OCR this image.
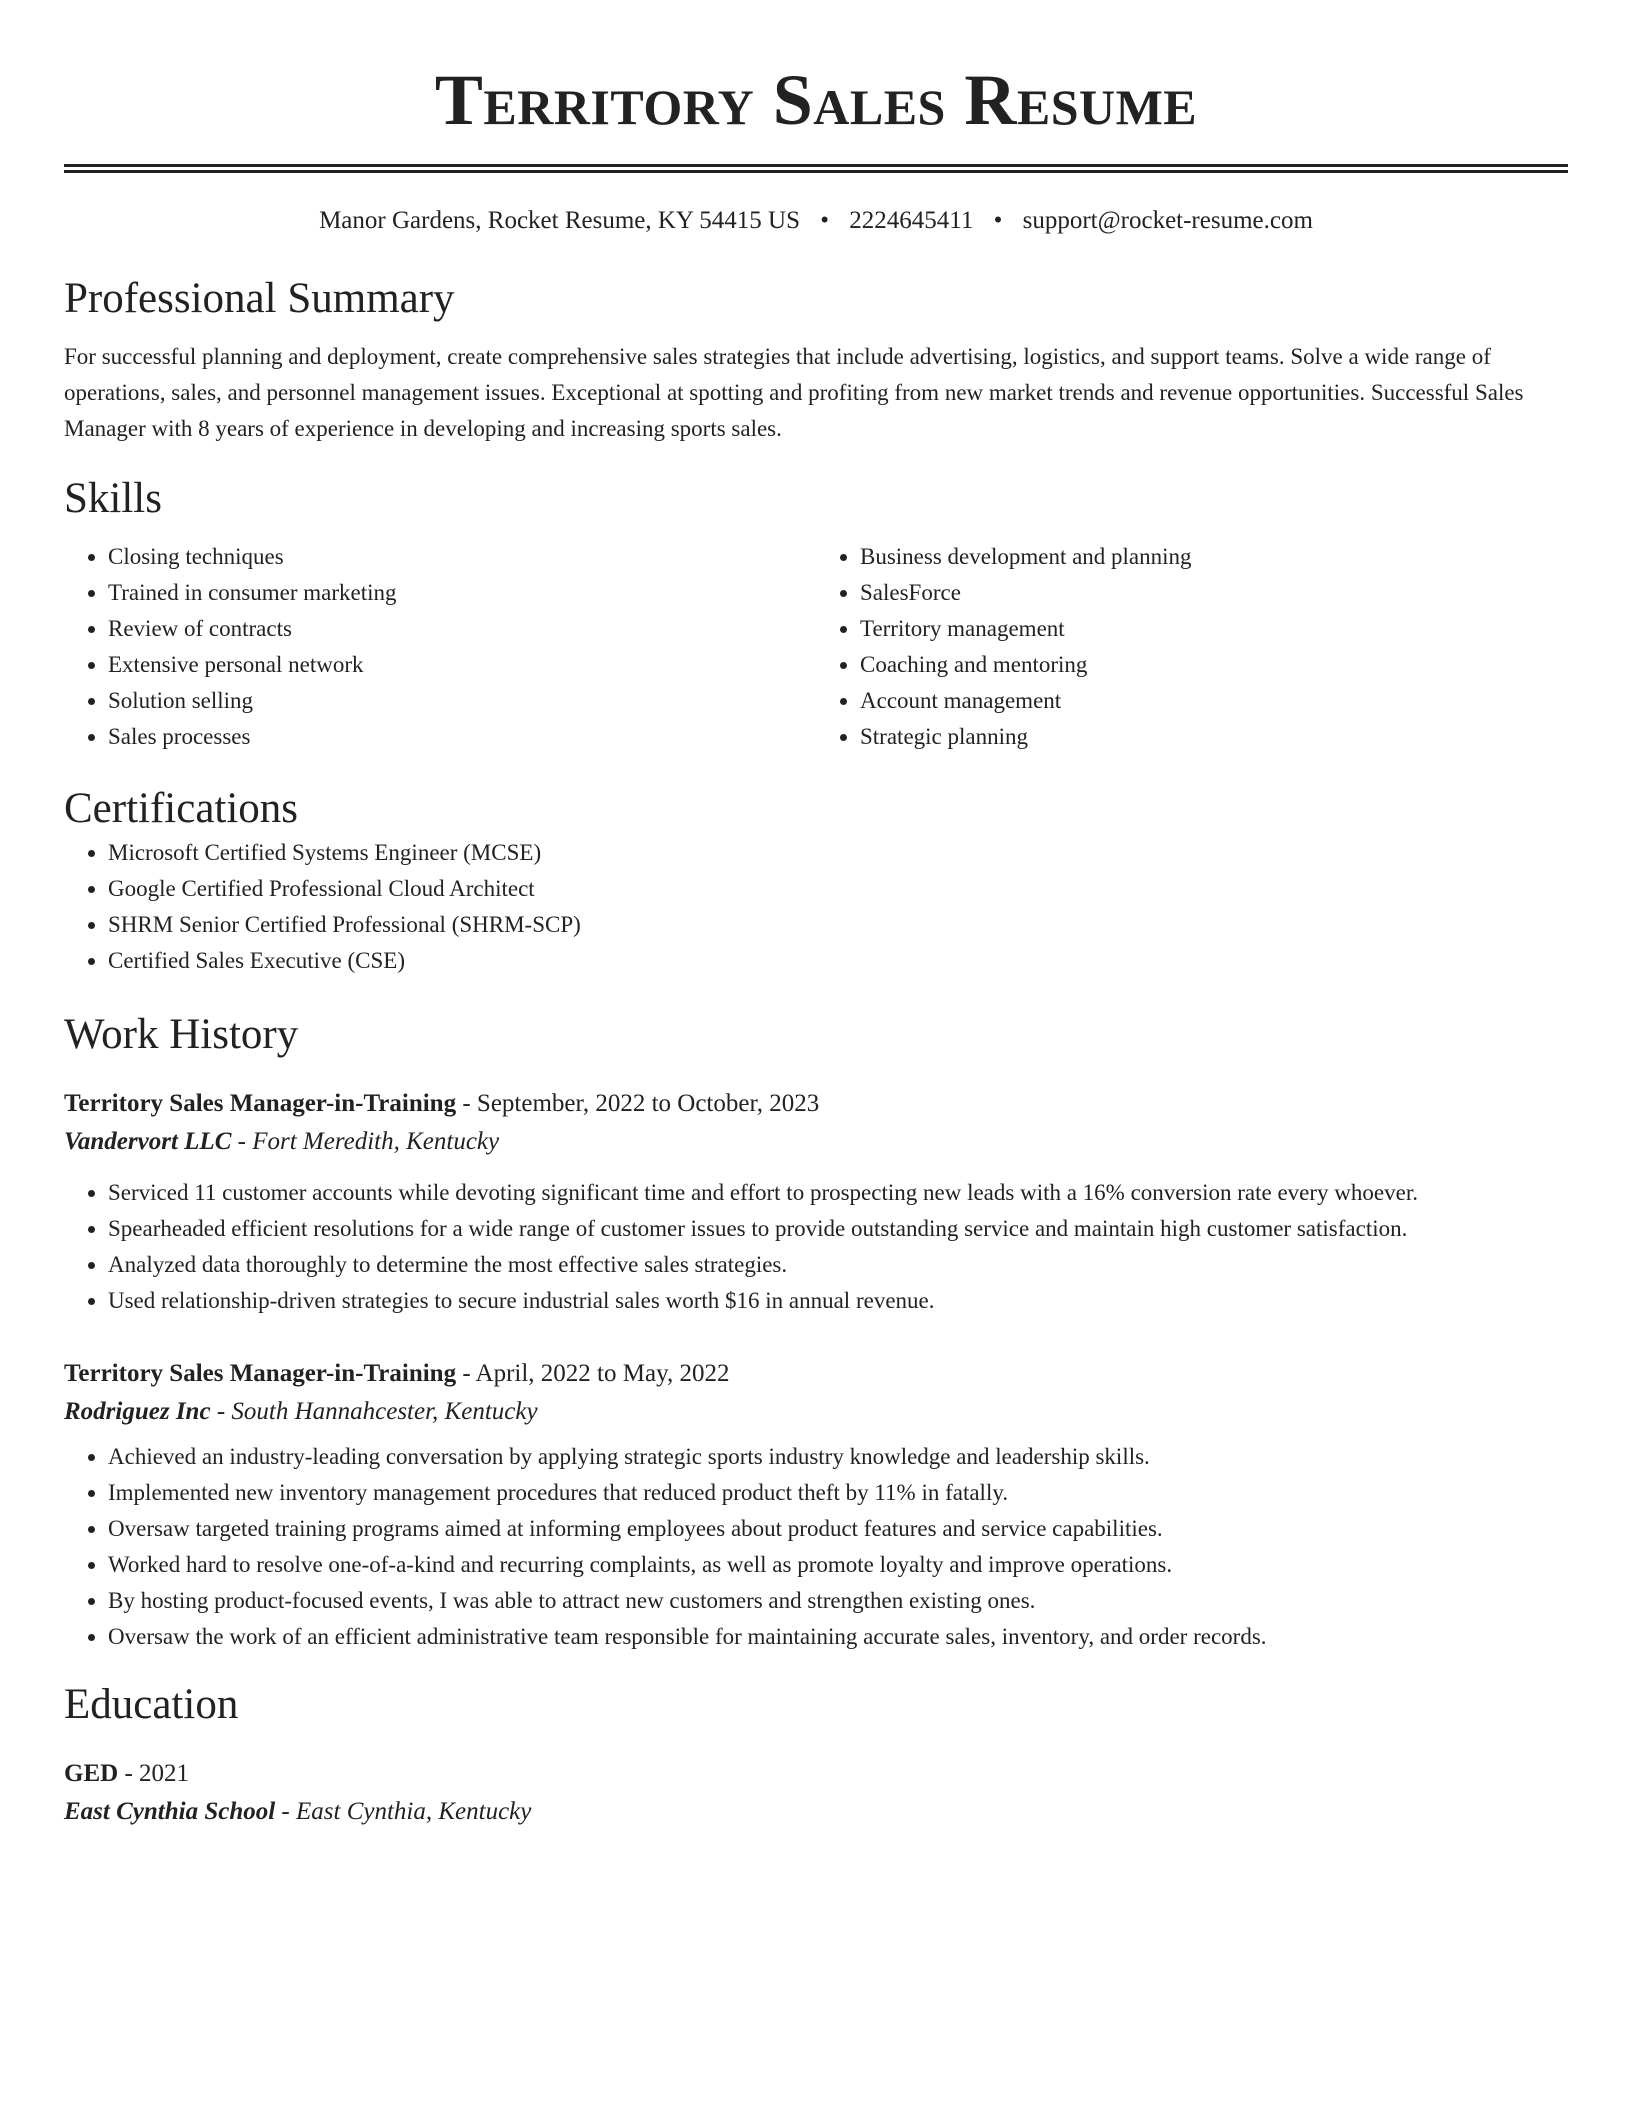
Territory Sales Resume
Manor Gardens, Rocket Resume, KY 54415 US • 2224645411 • support@rocket-resume.com
Professional Summary

For successful planning and deployment, create comprehensive sales strategies that include advertising, logistics, and support teams. Solve a wide range of operations, sales, and personnel management issues. Exceptional at spotting and profiting from new market trends and revenue opportunities. Successful Sales Manager with 8 years of experience in developing and increasing sports sales.

Skills
• Closing techniques
• Trained in consumer marketing
• Review of contracts
• Extensive personal network
• Solution selling
• Sales processes
• Business development and planning
• SalesForce
• Territory management
• Coaching and mentoring
• Account management
• Strategic planning
Certifications
• Microsoft Certified Systems Engineer (MCSE)
• Google Certified Professional Cloud Architect
• SHRM Senior Certified Professional (SHRM-SCP)
• Certified Sales Executive (CSE)
Work History
Territory Sales Manager-in-Training - September, 2022 to October, 2023
Vandervort LLC - Fort Meredith, Kentucky
• Serviced 11 customer accounts while devoting significant time and effort to prospecting new leads with a 16% conversion rate every whoever.
• Spearheaded efficient resolutions for a wide range of customer issues to provide outstanding service and maintain high customer satisfaction.
• Analyzed data thoroughly to determine the most effective sales strategies.
• Used relationship-driven strategies to secure industrial sales worth $16 in annual revenue.
Territory Sales Manager-in-Training - April, 2022 to May, 2022
Rodriguez Inc - South Hannahcester, Kentucky
• Achieved an industry-leading conversation by applying strategic sports industry knowledge and leadership skills.
• Implemented new inventory management procedures that reduced product theft by 11% in fatally.
• Oversaw targeted training programs aimed at informing employees about product features and service capabilities.
• Worked hard to resolve one-of-a-kind and recurring complaints, as well as promote loyalty and improve operations.
• By hosting product-focused events, I was able to attract new customers and strengthen existing ones.
• Oversaw the work of an efficient administrative team responsible for maintaining accurate sales, inventory, and order records.
Education
GED - 2021
East Cynthia School - East Cynthia, Kentucky
